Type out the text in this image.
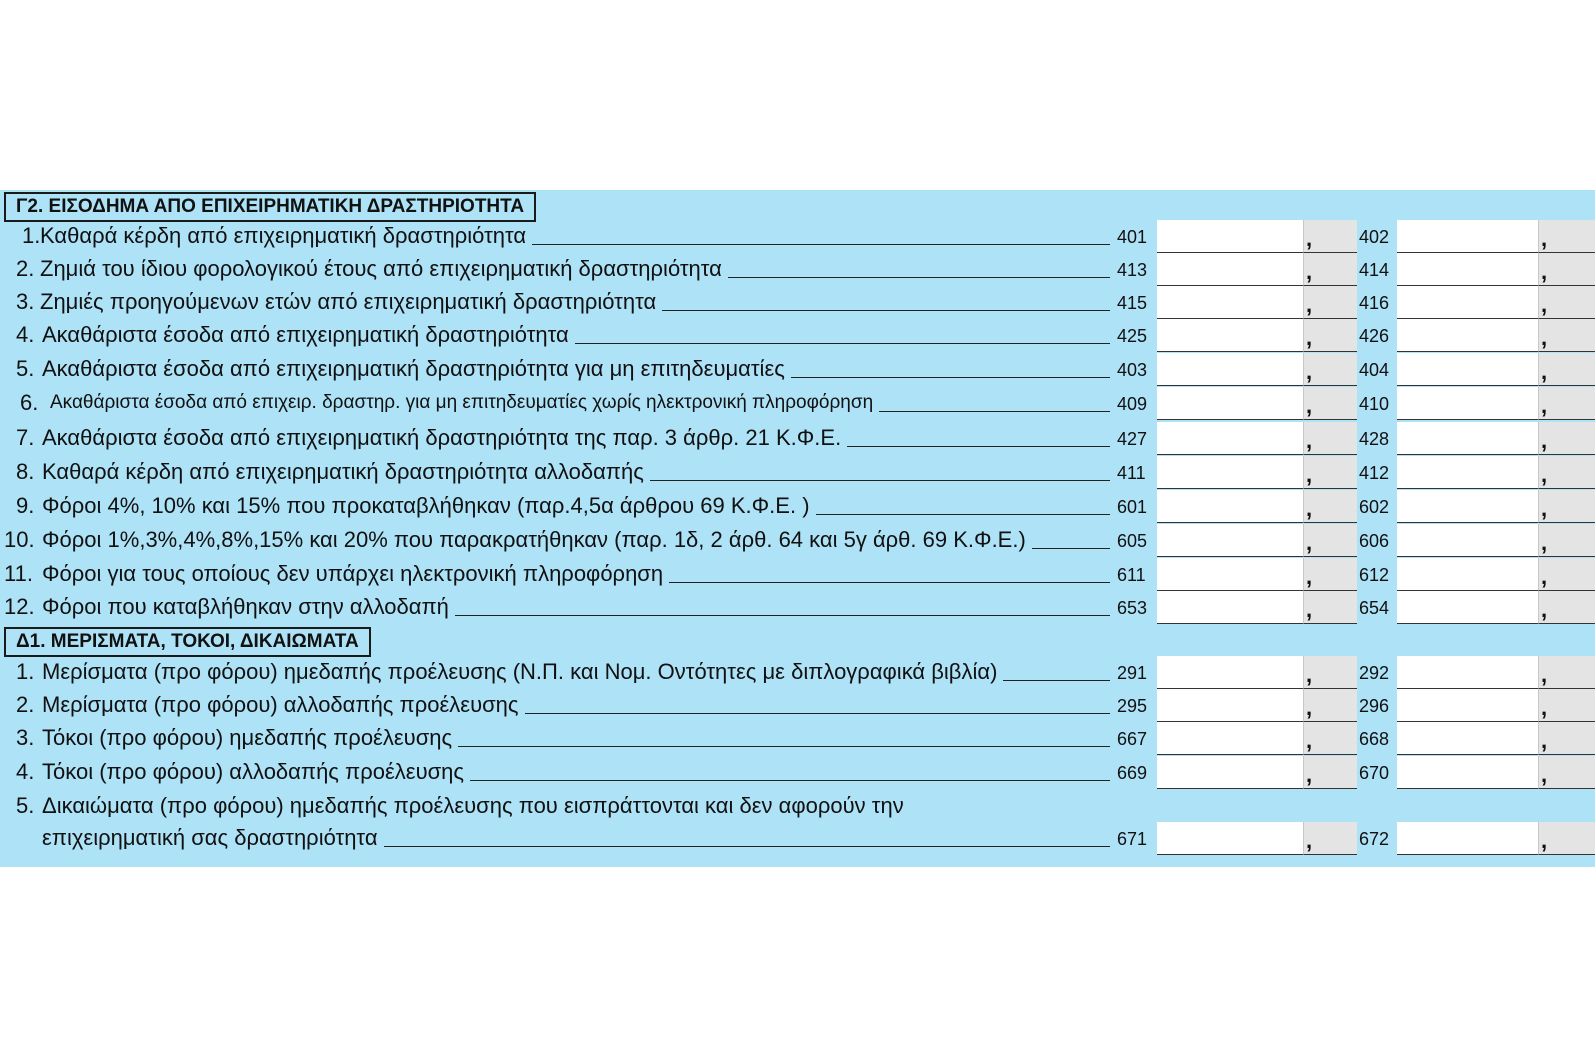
Γ2. ΕΙΣΟΔΗΜΑ ΑΠΟ ΕΠΙΧΕΙΡΗΜΑΤΙΚΗ ΔΡΑΣΤΗΡΙΟΤΗΤΑ
1. Καθαρά κέρδη από επιχειρηματική δραστηριότητα	401	,	402	,
2. Ζημιά του ίδιου φορολογικού έτους από επιχειρηματική δραστηριότητα	413	,	414	,
3. Ζημιές προηγούμενων ετών από επιχειρηματική δραστηριότητα	415	,	416	,
4. Ακαθάριστα έσοδα από επιχειρηματική δραστηριότητα	425	,	426	,
5. Ακαθάριστα έσοδα από επιχειρηματική δραστηριότητα για μη επιτηδευματίες	403	,	404	,
6. Ακαθάριστα έσοδα από επιχειρ. δραστηρ. για μη επιτηδευματίες χωρίς ηλεκτρονική πληροφόρηση	409	,	410	,
7. Ακαθάριστα έσοδα από επιχειρηματική δραστηριότητα της παρ. 3 άρθρ. 21 Κ.Φ.Ε.	427	,	428	,
8. Καθαρά κέρδη από επιχειρηματική δραστηριότητα αλλοδαπής	411	,	412	,
9. Φόροι 4%, 10% και 15% που προκαταβλήθηκαν (παρ.4,5α άρθρου 69 Κ.Φ.Ε. )	601	,	602	,
10. Φόροι 1%,3%,4%,8%,15% και 20% που παρακρατήθηκαν (παρ. 1δ, 2 άρθ. 64 και 5γ άρθ. 69 Κ.Φ.Ε.)	605	,	606	,
11. Φόροι για τους οποίους δεν υπάρχει ηλεκτρονική πληροφόρηση	611	,	612	,
12. Φόροι που καταβλήθηκαν στην αλλοδαπή	653	,	654	,
Δ1. ΜΕΡΙΣΜΑΤΑ, ΤΟΚΟΙ, ΔΙΚΑΙΩΜΑΤΑ
1. Μερίσματα (προ φόρου) ημεδαπής προέλευσης (Ν.Π. και Νομ. Οντότητες με διπλογραφικά βιβλία)	291	,	292	,
2. Μερίσματα (προ φόρου) αλλοδαπής προέλευσης	295	,	296	,
3. Τόκοι (προ φόρου) ημεδαπής προέλευσης	667	,	668	,
4. Τόκοι (προ φόρου) αλλοδαπής προέλευσης	669	,	670	,
5. Δικαιώματα (προ φόρου) ημεδαπής προέλευσης που εισπράττονται και δεν αφορούν την
επιχειρηματική σας δραστηριότητα	671	,	672	,
